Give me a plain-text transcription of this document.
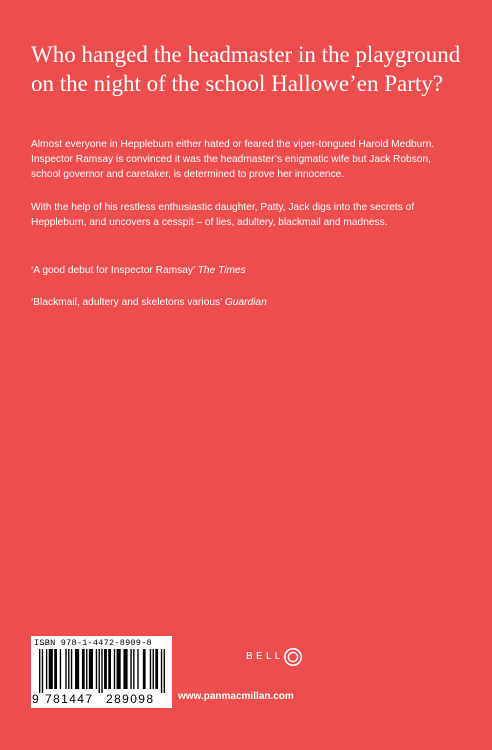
Who hanged the headmaster in the playground on the night of the school Hallowe’en Party?

Almost everyone in Heppleburn either hated or feared the viper-tongued Harold Medburn. Inspector Ramsay is convinced it was the headmaster’s enigmatic wife but Jack Robson, school governor and caretaker, is determined to prove her innocence.

With the help of his restless enthusiastic daughter, Patty, Jack digs into the secrets of Heppleburn, and uncovers a cesspit – of lies, adultery, blackmail and madness.

‘A good debut for Inspector Ramsay’ The Times

‘Blackmail, adultery and skeletons various’ Guardian

ISBN 978-1-4472-8909-8
9 781447 289098
BELL
www.panmacmillan.com
